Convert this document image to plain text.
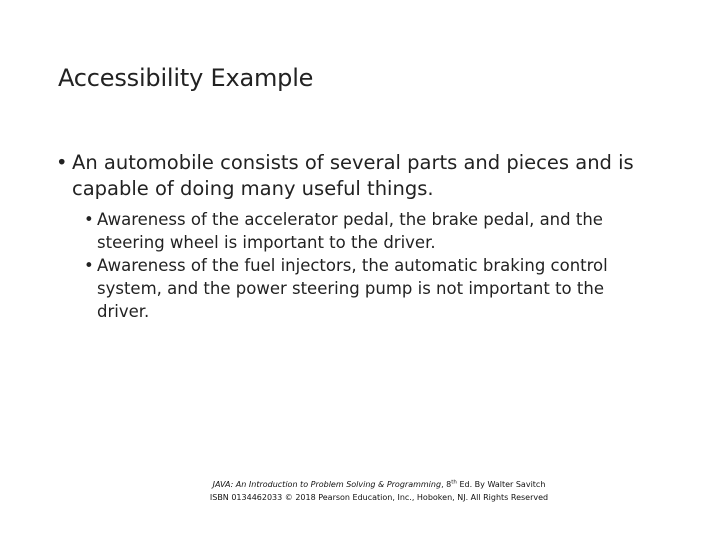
Accessibility Example
• An automobile consists of several parts and pieces and is capable of doing many useful things.
• Awareness of the accelerator pedal, the brake pedal, and the steering wheel is important to the driver.
• Awareness of the fuel injectors, the automatic braking control system, and the power steering pump is not important to the driver.
JAVA: An Introduction to Problem Solving & Programming, 8th Ed. By Walter Savitch
ISBN 0134462033 © 2018 Pearson Education, Inc., Hoboken, NJ. All Rights Reserved
